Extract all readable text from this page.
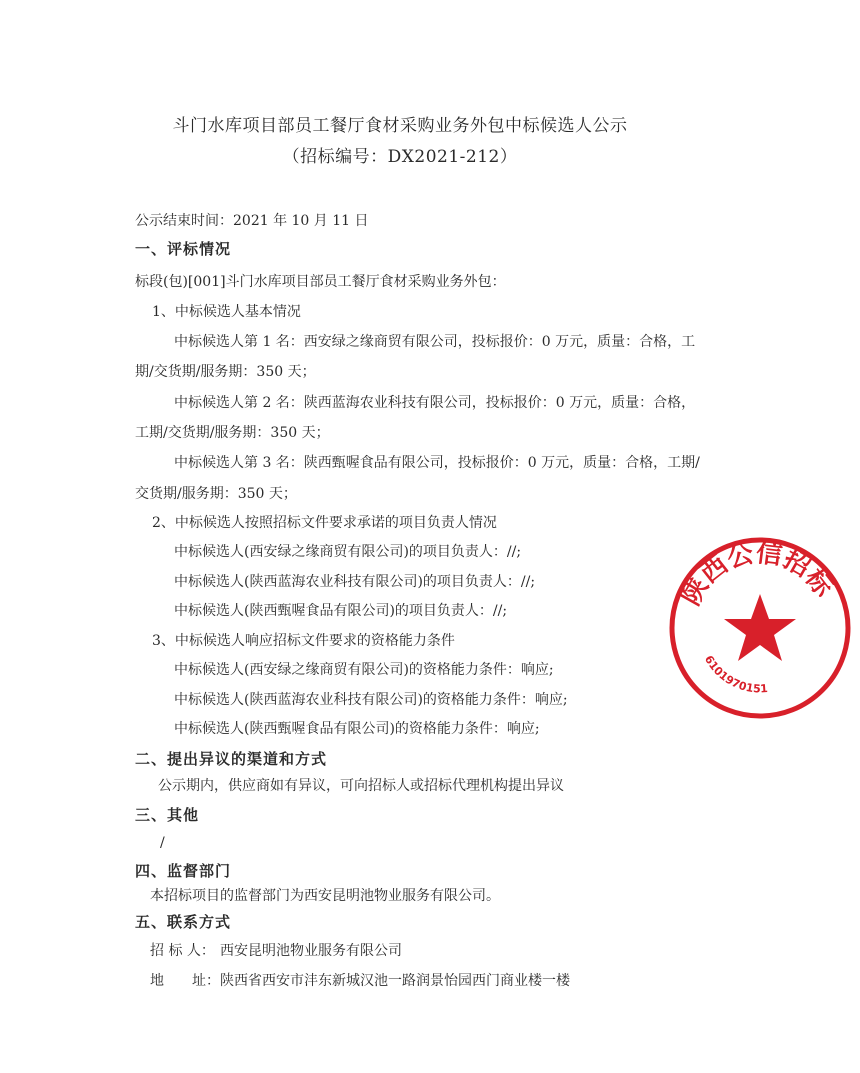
斗门水库项目部员工餐厅食材采购业务外包中标候选人公示
（招标编号：DX2021-212）
公示结束时间：2021 年 10 月 11 日
一、评标情况
标段(包)[001]斗门水库项目部员工餐厅食材采购业务外包：
1、中标候选人基本情况
中标候选人第 1 名：西安绿之缘商贸有限公司，投标报价：0 万元，质量：合格，工
期/交货期/服务期：350 天；
中标候选人第 2 名：陕西蓝海农业科技有限公司，投标报价：0 万元，质量：合格，
工期/交货期/服务期：350 天；
中标候选人第 3 名：陕西甄喔食品有限公司，投标报价：0 万元，质量：合格，工期/
交货期/服务期：350 天；
2、中标候选人按照招标文件要求承诺的项目负责人情况
中标候选人(西安绿之缘商贸有限公司)的项目负责人：//;
中标候选人(陕西蓝海农业科技有限公司)的项目负责人：//;
中标候选人(陕西甄喔食品有限公司)的项目负责人：//;
3、中标候选人响应招标文件要求的资格能力条件
中标候选人(西安绿之缘商贸有限公司)的资格能力条件：响应;
中标候选人(陕西蓝海农业科技有限公司)的资格能力条件：响应;
中标候选人(陕西甄喔食品有限公司)的资格能力条件：响应;
二、提出异议的渠道和方式
公示期内，供应商如有异议，可向招标人或招标代理机构提出异议
三、其他
/
四、监督部门
本招标项目的监督部门为西安昆明池物业服务有限公司。
五、联系方式
招 标 人： 西安昆明池物业服务有限公司
地　　址： 陕西省西安市沣东新城汉池一路润景怡园西门商业楼一楼
陕西公信招标
6101970151
